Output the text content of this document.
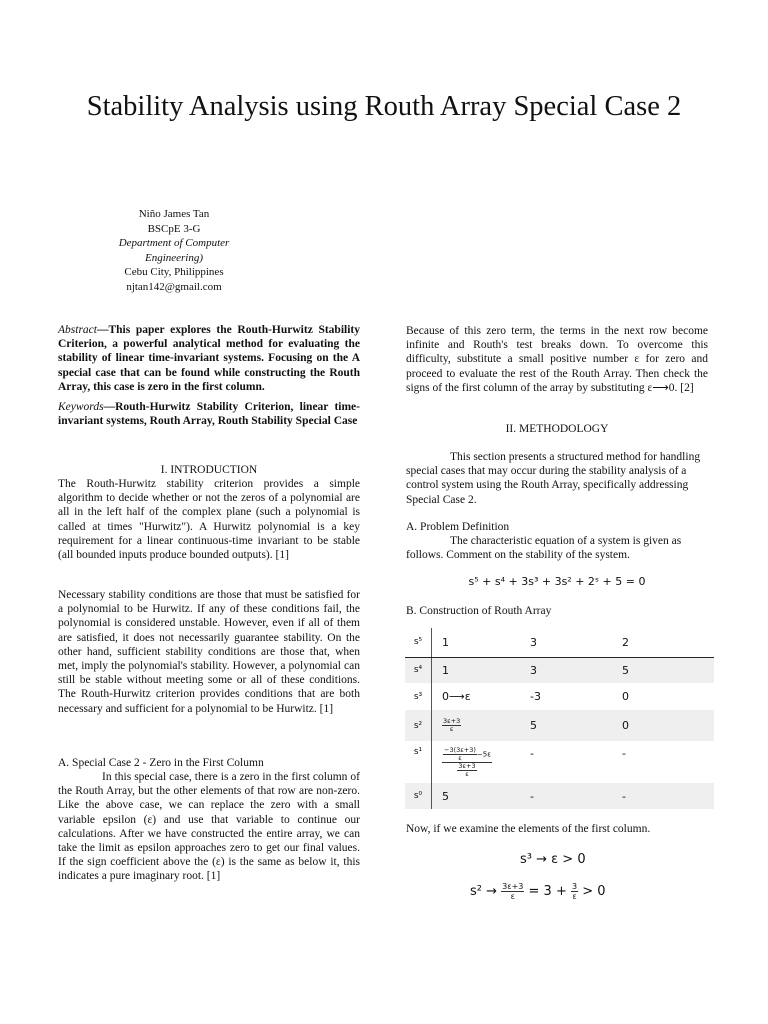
Stability Analysis using Routh Array Special Case 2
Niño James Tan
BSCpE 3-G
Department of Computer Engineering)
Cebu City, Philippines
njtan142@gmail.com
Abstract—This paper explores the Routh-Hurwitz Stability Criterion, a powerful analytical method for evaluating the stability of linear time-invariant systems. Focusing on the A special case that can be found while constructing the Routh Array, this case is zero in the first column.
Keywords—Routh-Hurwitz Stability Criterion, linear time-invariant systems, Routh Array, Routh Stability Special Case
I. INTRODUCTION
The Routh-Hurwitz stability criterion provides a simple algorithm to decide whether or not the zeros of a polynomial are all in the left half of the complex plane (such a polynomial is called at times "Hurwitz"). A Hurwitz polynomial is a key requirement for a linear continuous-time invariant to be stable (all bounded inputs produce bounded outputs). [1]
Necessary stability conditions are those that must be satisfied for a polynomial to be Hurwitz. If any of these conditions fail, the polynomial is considered unstable. However, even if all of them are satisfied, it does not necessarily guarantee stability. On the other hand, sufficient stability conditions are those that, when met, imply the polynomial's stability. However, a polynomial can still be stable without meeting some or all of these conditions. The Routh-Hurwitz criterion provides conditions that are both necessary and sufficient for a polynomial to be Hurwitz. [1]
A. Special Case 2 - Zero in the First Column
In this special case, there is a zero in the first column of the Routh Array, but the other elements of that row are non-zero. Like the above case, we can replace the zero with a small variable epsilon (ε) and use that variable to continue our calculations. After we have constructed the entire array, we can take the limit as epsilon approaches zero to get our final values. If the sign coefficient above the (ε) is the same as below it, this indicates a pure imaginary root. [1]
Because of this zero term, the terms in the next row become infinite and Routh's test breaks down. To overcome this difficulty, substitute a small positive number ε for zero and proceed to evaluate the rest of the Routh Array. Then check the signs of the first column of the array by substituting ε⟶0. [2]
II. METHODOLOGY
This section presents a structured method for handling special cases that may occur during the stability analysis of a control system using the Routh Array, specifically addressing Special Case 2.
A. Problem Definition
The characteristic equation of a system is given as follows. Comment on the stability of the system.
s⁵ + s⁴ + 3s³ + 3s² + 2ˢ + 5 = 0
B. Construction of Routh Array
s⁵	1	3	2
s⁴	1	3	5
s³	0⟶ε	-3	0
s²	$\frac{3\varepsilon+3}{\varepsilon}$	5	0
s¹	$\frac{\frac{-3(3\varepsilon+3)}{\varepsilon} -5\varepsilon}{\frac{3\varepsilon+3}{\varepsilon}}$	-	-
s⁰	5	-	-
Now, if we examine the elements of the first column.
s³ → ε > 0
$s^2 \to \frac{3\varepsilon+3}{\varepsilon} = 3 + \frac{3}{\varepsilon} > 0$
